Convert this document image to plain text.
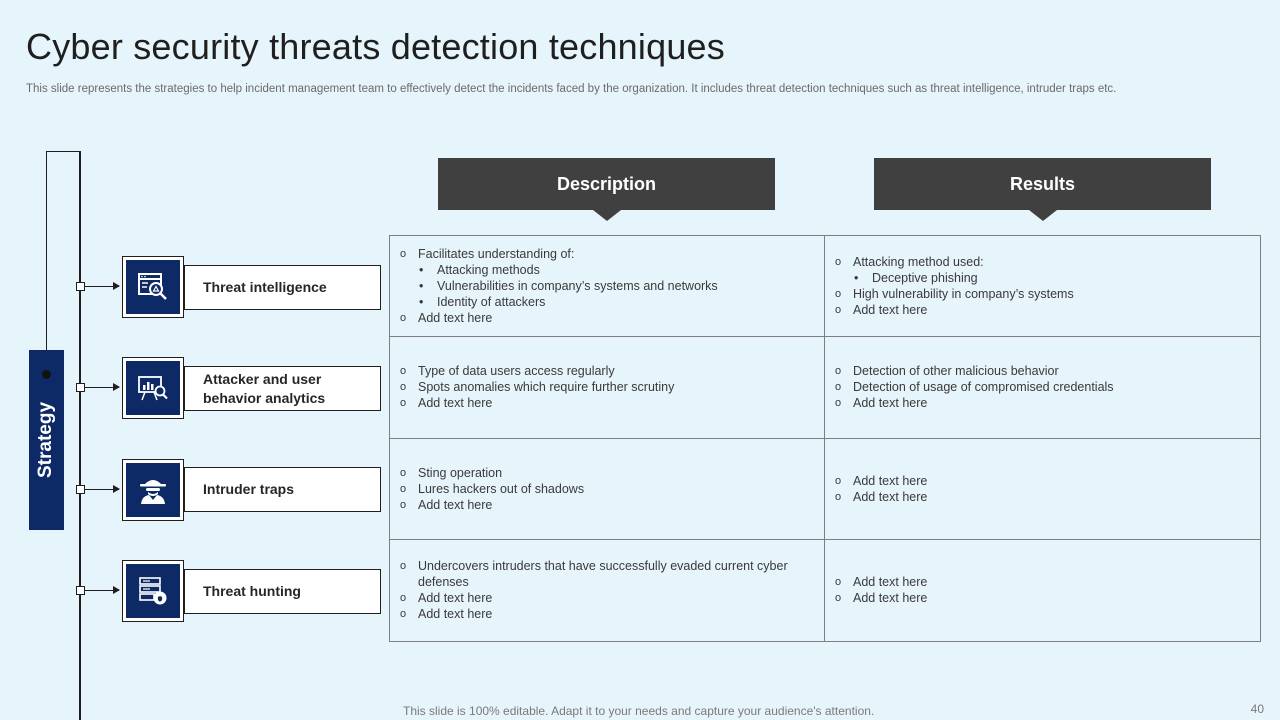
Cyber security threats detection techniques
This slide represents the strategies to help incident management team to effectively detect the incidents faced by the organization. It includes threat detection techniques such as threat intelligence, intruder traps etc.
Strategy
Threat intelligence
Attacker and user behavior analytics
Intruder traps
Threat hunting
Description	Results
o Facilitates understanding of:
• Attacking methods
• Vulnerabilities in company’s systems and networks
• Identity of attackers
o Add text here
o Attacking method used:
• Deceptive phishing
o High vulnerability in company’s systems
o Add text here
o Type of data users access regularly
o Spots anomalies which require further scrutiny
o Add text here
o Detection of other malicious behavior
o Detection of usage of compromised credentials
o Add text here
o Sting operation
o Lures hackers out of shadows
o Add text here
o Add text here
o Add text here
o Undercovers intruders that have successfully evaded current cyber defenses
o Add text here
o Add text here
o Add text here
o Add text here
This slide is 100% editable. Adapt it to your needs and capture your audience's attention.	40
